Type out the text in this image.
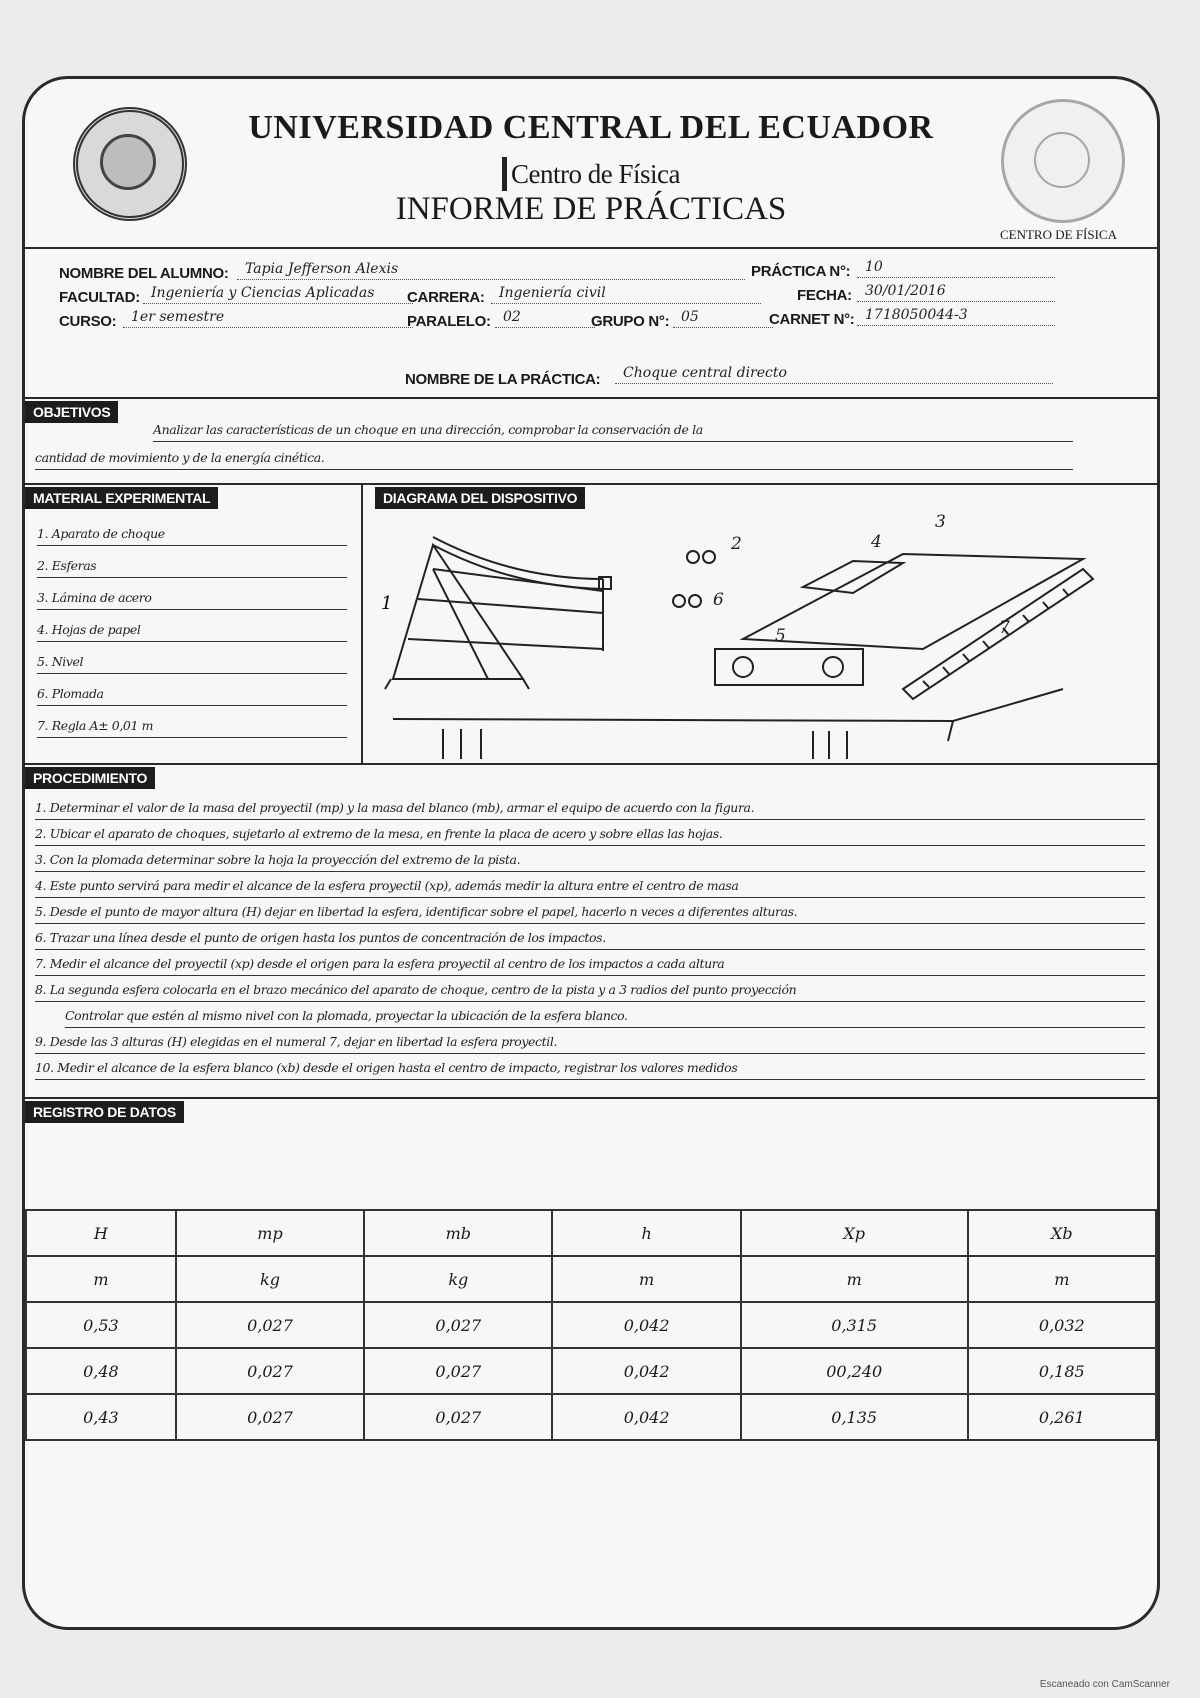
UNIVERSIDAD CENTRAL DEL ECUADOR
Centro de Física
INFORME DE PRÁCTICAS
CENTRO DE FÍSICA
NOMBRE DEL ALUMNO:	Tapia Jefferson Alexis	PRÁCTICA N°:	10
FACULTAD: Ingeniería y Ciencias Aplicadas	CARRERA:	Ingeniería civil	FECHA: 30/01/2016
CURSO:	1er semestre	PARALELO: 02	GRUPO N°: 05	CARNET N°: 1718050044-3
NOMBRE DE LA PRÁCTICA:	Choque central directo
OBJETIVOS
Analizar las características de un choque en una dirección, comprobar la conservación de la
cantidad de movimiento y de la energía cinética.
MATERIAL EXPERIMENTAL	DIAGRAMA DEL DISPOSITIVO
1. Aparato de choque
2. Esferas
3. Lámina de acero
4. Hojas de papel
5. Nivel
6. Plomada
7. Regla A± 0,01 m
1
2
3
4
5
6
7
PROCEDIMIENTO
1. Determinar el valor de la masa del proyectil (mp) y la masa del blanco (mb), armar el equipo de acuerdo con la figura.
2. Ubicar el aparato de choques, sujetarlo al extremo de la mesa, en frente la placa de acero y sobre ellas las hojas.
3. Con la plomada determinar sobre la hoja la proyección del extremo de la pista.
4. Este punto servirá para medir el alcance de la esfera proyectil (xp), además medir la altura entre el centro de masa
5. Desde el punto de mayor altura (H) dejar en libertad la esfera, identificar sobre el papel, hacerlo n veces a diferentes alturas.
6. Trazar una línea desde el punto de origen hasta los puntos de concentración de los impactos.
7. Medir el alcance del proyectil (xp) desde el origen para la esfera proyectil al centro de los impactos a cada altura
8. La segunda esfera colocarla en el brazo mecánico del aparato de choque, centro de la pista y a 3 radios del punto proyección
Controlar que estén al mismo nivel con la plomada, proyectar la ubicación de la esfera blanco.
9. Desde las 3 alturas (H) elegidas en el numeral 7, dejar en libertad la esfera proyectil.
10. Medir el alcance de la esfera blanco (xb) desde el origen hasta el centro de impacto, registrar los valores medidos
REGISTRO DE DATOS
H	mp	mb	h	Xp	Xb
m	kg	kg	m	m	m
0,53	0,027	0,027	0,042	0,315	0,032
0,48	0,027	0,027	0,042	00,240	0,185
0,43	0,027	0,027	0,042	0,135	0,261
Escaneado con CamScanner
